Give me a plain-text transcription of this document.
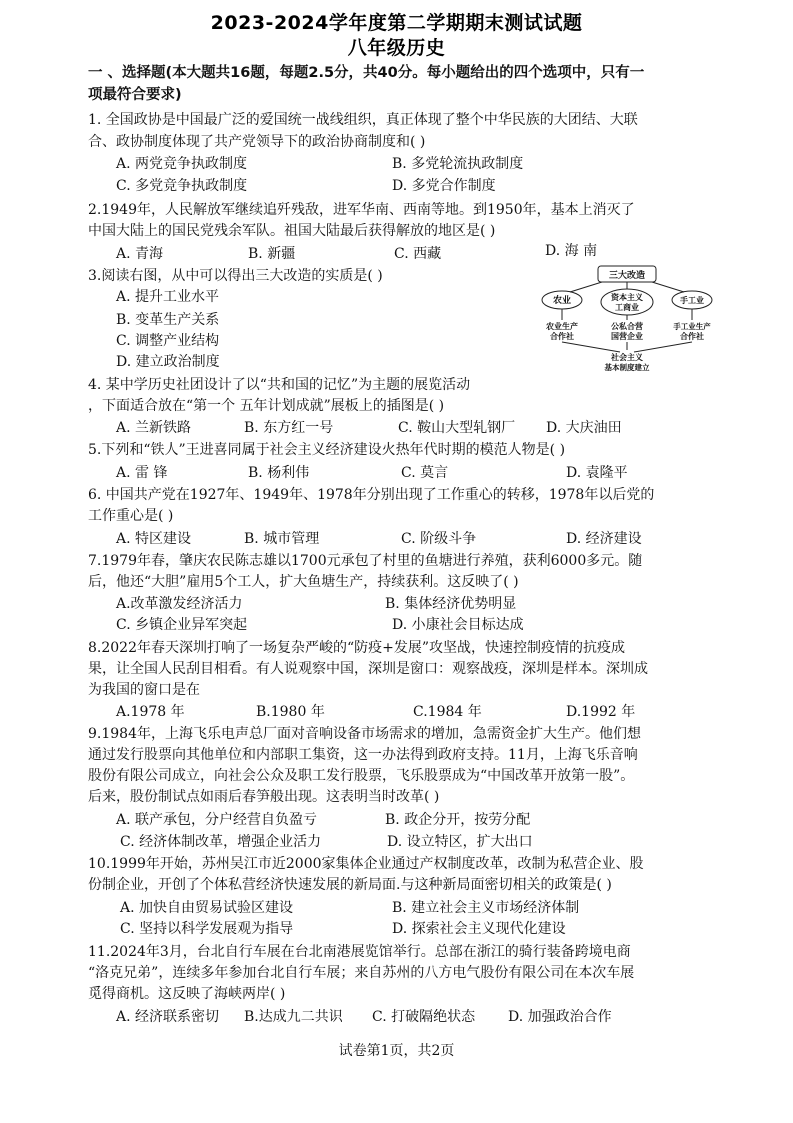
2023-2024学年度第二学期期末测试试题
八年级历史
一 、选择题(本大题共16题，每题2.5分，共40分。每小题给出的四个选项中，只有一
项最符合要求)
1. 全国政协是中国最广泛的爱国统一战线组织，真正体现了整个中华民族的大团结、大联
合、政协制度体现了共产党领导下的政治协商制度和( )
A. 两党竞争执政制度	B. 多党轮流执政制度
C. 多党竞争执政制度	D. 多党合作制度
2.1949年，人民解放军继续追歼残敌，进军华南、西南等地。到1950年，基本上消灭了
中国大陆上的国民党残余军队。祖国大陆最后获得解放的地区是( )
A. 青海	B. 新疆	C. 西藏	D. 海 南
3.阅读右图，从中可以得出三大改造的实质是( )
A. 提升工业水平
B. 变革生产关系
C. 调整产业结构
D. 建立政治制度
三大改造
农业	资本主义
工商业
手工业
农业生产
合作社
公私合营
国营企业
手工业生产
合作社
社会主义
基本制度建立
4. 某中学历史社团设计了以“共和国的记忆”为主题的展览活动
，下面适合放在“第一个 五年计划成就”展板上的插图是( )
A. 兰新铁路	B. 东方红一号	C. 鞍山大型轧钢厂 D. 大庆油田
5.下列和“铁人”王进喜同属于社会主义经济建设火热年代时期的模范人物是( )
A. 雷 锋	B. 杨利伟	C. 莫言	D. 袁隆平
6. 中国共产党在1927年、1949年、1978年分别出现了工作重心的转移，1978年以后党的
工作重心是( )
A. 特区建设	B. 城市管理	C. 阶级斗争	D. 经济建设
7.1979年春，肇庆农民陈志雄以1700元承包了村里的鱼塘进行养殖，获利6000多元。随
后，他还“大胆”雇用5个工人，扩大鱼塘生产，持续获利。这反映了( )
A.改革激发经济活力	B. 集体经济优势明显
C. 乡镇企业异军突起	D. 小康社会目标达成
8.2022年春天深圳打响了一场复杂严峻的“防疫+发展”攻坚战，快速控制疫情的抗疫成
果，让全国人民刮目相看。有人说观察中国，深圳是窗口：观察战疫，深圳是样本。深圳成
为我国的窗口是在
A.1978 年	B.1980 年	C.1984 年	D.1992 年
9.1984年，上海飞乐电声总厂面对音响设备市场需求的增加，急需资金扩大生产。他们想
通过发行股票向其他单位和内部职工集资，这一办法得到政府支持。11月，上海飞乐音响
股份有限公司成立，向社会公众及职工发行股票，飞乐股票成为“中国改革开放第一股”。
后来，股份制试点如雨后春笋般出现。这表明当时改革( )
A. 联产承包，分户经营自负盈亏	B. 政企分开，按劳分配
C. 经济体制改革，增强企业活力	D. 设立特区，扩大出口
10.1999年开始，苏州吴江市近2000家集体企业通过产权制度改革，改制为私营企业、股
份制企业，开创了个体私营经济快速发展的新局面.与这种新局面密切相关的政策是( )
A. 加快自由贸易试验区建设	B. 建立社会主义市场经济体制
C. 坚持以科学发展观为指导	D. 探索社会主义现代化建设
11.2024年3月，台北自行车展在台北南港展览馆举行。总部在浙江的骑行装备跨境电商
“洛克兄弟”，连续多年参加台北自行车展；来自苏州的八方电气股份有限公司在本次车展
觅得商机。这反映了海峡两岸( )
A. 经济联系密切 B.达成九二共识 C. 打破隔绝状态 D. 加强政治合作
试卷第1页，共2页
